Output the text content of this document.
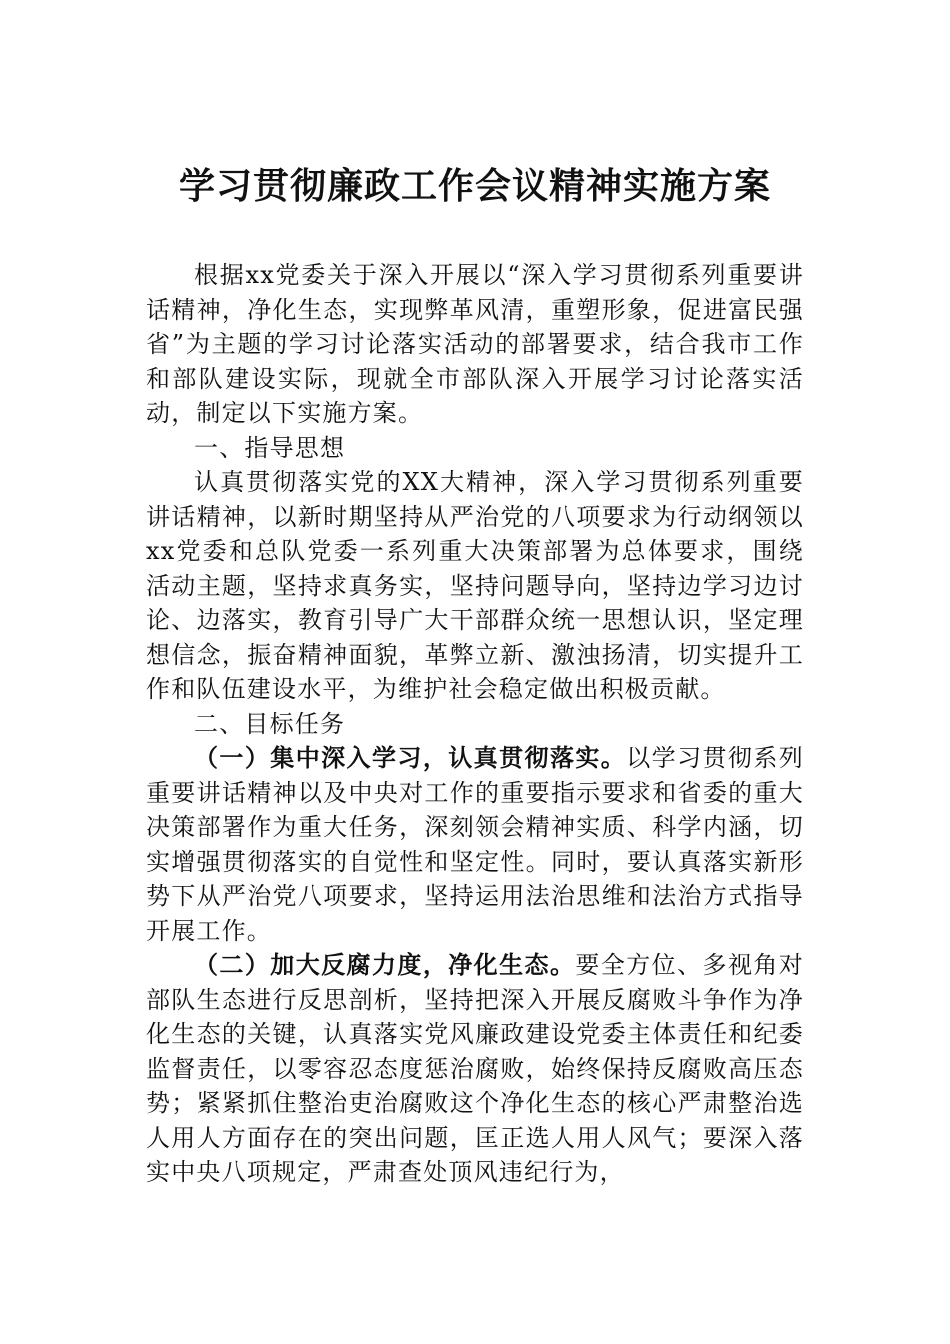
学习贯彻廉政工作会议精神实施方案

根据xx党委关于深入开展以“深入学习贯彻系列重要讲话精神，净化生态，实现弊革风清，重塑形象，促进富民强省”为主题的学习讨论落实活动的部署要求，结合我市工作和部队建设实际，现就全市部队深入开展学习讨论落实活动，制定以下实施方案。

一、指导思想

认真贯彻落实党的XX大精神，深入学习贯彻系列重要讲话精神，以新时期坚持从严治党的八项要求为行动纲领以xx党委和总队党委一系列重大决策部署为总体要求，围绕活动主题，坚持求真务实，坚持问题导向，坚持边学习边讨论、边落实，教育引导广大干部群众统一思想认识，坚定理想信念，振奋精神面貌，革弊立新、激浊扬清，切实提升工作和队伍建设水平，为维护社会稳定做出积极贡献。

二、目标任务

（一）集中深入学习，认真贯彻落实。以学习贯彻系列重要讲话精神以及中央对工作的重要指示要求和省委的重大决策部署作为重大任务，深刻领会精神实质、科学内涵，切实增强贯彻落实的自觉性和坚定性。同时，要认真落实新形势下从严治党八项要求，坚持运用法治思维和法治方式指导开展工作。

（二）加大反腐力度，净化生态。要全方位、多视角对部队生态进行反思剖析，坚持把深入开展反腐败斗争作为净化生态的关键，认真落实党风廉政建设党委主体责任和纪委监督责任，以零容忍态度惩治腐败，始终保持反腐败高压态势；紧紧抓住整治吏治腐败这个净化生态的核心严肃整治选人用人方面存在的突出问题，匡正选人用人风气；要深入落实中央八项规定，严肃查处顶风违纪行为，
